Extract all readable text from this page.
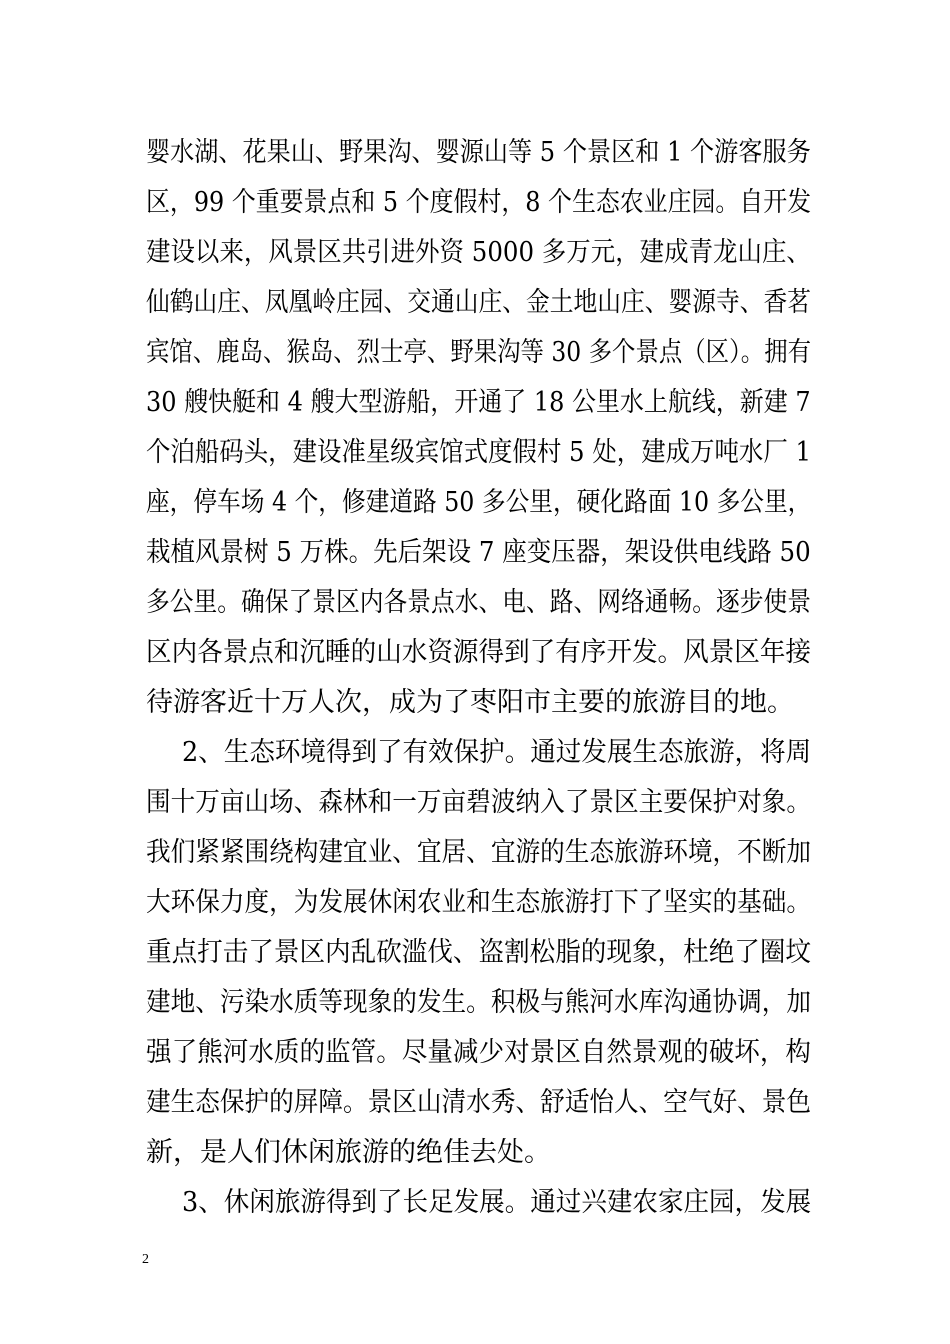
婴水湖、花果山、野果沟、婴源山等 5 个景区和 1 个游客服务
区，99 个重要景点和 5 个度假村，8 个生态农业庄园。自开发
建设以来，风景区共引进外资 5000 多万元，建成青龙山庄、
仙鹤山庄、凤凰岭庄园、交通山庄、金土地山庄、婴源寺、香茗
宾馆、鹿岛、猴岛、烈士亭、野果沟等 30 多个景点（区）。拥有
30 艘快艇和 4 艘大型游船，开通了 18 公里水上航线，新建 7
个泊船码头，建设准星级宾馆式度假村 5 处，建成万吨水厂 1
座，停车场 4 个，修建道路 50 多公里，硬化路面 10 多公里，
栽植风景树 5 万株。先后架设 7 座变压器，架设供电线路 50
多公里。确保了景区内各景点水、电、路、网络通畅。逐步使景
区内各景点和沉睡的山水资源得到了有序开发。风景区年接
待游客近十万人次，成为了枣阳市主要的旅游目的地。
2、生态环境得到了有效保护。通过发展生态旅游，将周
围十万亩山场、森林和一万亩碧波纳入了景区主要保护对象。
我们紧紧围绕构建宜业、宜居、宜游的生态旅游环境，不断加
大环保力度，为发展休闲农业和生态旅游打下了坚实的基础。
重点打击了景区内乱砍滥伐、盗割松脂的现象，杜绝了圈坟
建地、污染水质等现象的发生。积极与熊河水库沟通协调，加
强了熊河水质的监管。尽量减少对景区自然景观的破坏，构
建生态保护的屏障。景区山清水秀、舒适怡人、空气好、景色
新，是人们休闲旅游的绝佳去处。
3、休闲旅游得到了长足发展。通过兴建农家庄园，发展
2
